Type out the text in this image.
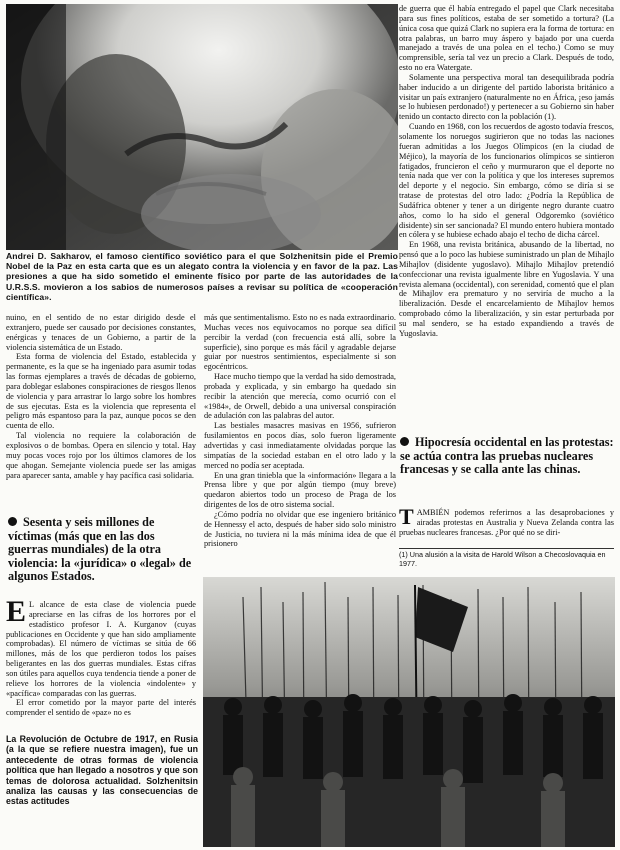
Andrei D. Sakharov, el famoso científico soviético para el que Solzhenitsin pide el Premio Nobel de la Paz en esta carta que es un alegato contra la violencia y en favor de la paz. Las presiones a que ha sido sometido el eminente físico por parte de las autoridades de la U.R.S.S. movieron a los sabios de numerosos países a revisar su política de «cooperación científica».

nuino, en el sentido de no estar dirigido desde el extranjero, puede ser causado por decisiones constantes, enérgicas y tenaces de un Gobierno, a partir de la violencia sistemática de un Estado.

Esta forma de violencia del Estado, establecida y permanente, es la que se ha ingeniado para asumir todas las formas ejemplares a través de décadas de gobierno, para doblegar eslabones conspiraciones de riesgos llenos de violencia y para arrastrar lo largo sobre los hombres de sus ejecutas. Esta es la violencia que representa el peligro más espantoso para la paz, aunque pocos se den cuenta de ello.

Tal violencia no requiere la colaboración de explosivos o de bombas. Opera en silencio y total. Hay muy pocas voces rojo por los últimos clamores de los que ahogan. Semejante violencia puede ser las amigas para aparecer santa, amable y hay pacífica casi solidaria.

Sesenta y seis millones de víctimas (más que en las dos guerras mundiales) de la otra violencia: la «jurídica» o «legal» de algunos Estados.

E L alcance de esta clase de violencia puede apreciarse en las cifras de los horrores por el estadístico profesor I. A. Kurganov (cuyas publicaciones en Occidente y que han sido ampliamente comprobadas). El número de víctimas se sitúa de 66 millones, más de los que perdieron todos los países beligerantes en las dos guerras mundiales. Estas cifras son útiles para aquellos cuya tendencia tiende a poner de relieve los horrores de la violencia «indolente» y «pacífica» comparadas con las guerras.

El error cometido por la mayor parte del interés comprender el sentido de «paz» no es

La Revolución de Octubre de 1917, en Rusia (a la que se refiere nuestra imagen), fue un antecedente de otras formas de violencia política que han llegado a nosotros y que son temas de dolorosa actualidad. Solzhenitsin analiza las causas y las consecuencias de estas actitudes

más que sentimentalismo. Esto no es nada extraordinario. Muchas veces nos equivocamos no porque sea difícil percibir la verdad (con frecuencia está allí, sobre la superficie), sino porque es más fácil y agradable dejarse guiar por nuestros sentimientos, especialmente si son egocéntricos.

Hace mucho tiempo que la verdad ha sido demostrada, probada y explicada, y sin embargo ha quedado sin recibir la atención que merecía, como ocurrió con el «1984», de Orwell, debido a una universal conspiración de adulación con las palabras del autor.

Las bestiales masacres masivas en 1956, sufrieron fusilamientos en pocos días, solo fueron ligeramente advertidas y casi inmediatamente olvidadas porque las simpatías de la sociedad estaban en el otro lado y la merced no podía ser aceptada.

En una gran tiniebla que la «información» llegara a la Prensa libre y que por algún tiempo (muy breve) quedaron abiertos todo un proceso de Praga de los dirigentes de los de otro sistema social.

¿Cómo podría no olvidar que ese ingeniero británico de Hennessy el acto, después de haber sido solo ministro de Justicia, no tuviera ni la más mínima idea de que él prisionero

de guerra que él había entregado el papel que Clark necesitaba para sus fines políticos, estaba de ser sometido a tortura? (La única cosa que quizá Clark no supiera era la forma de tortura: en otra palabras, un barro muy áspero y bajado por una cuerda manejado a través de una polea en el techo.) Como se muy comprensible, sería tal vez un precio a Clark. Después de todo, esto no era Watergate.

Solamente una perspectiva moral tan desequilibrada podría haber inducido a un dirigente del partido laborista británico a visitar un país extranjero (naturalmente no en África, ¡eso jamás se lo hubiesen perdonado!) y pertenecer a su Gobierno sin haber tenido un contacto directo con la población (1).

Cuando en 1968, con los recuerdos de agosto todavía frescos, solamente los noruegos sugirieron que no todas las naciones fueran admitidas a los Juegos Olímpicos (en la ciudad de Méjico), la mayoría de los funcionarios olímpicos se sintieron fatigados, fruncieron el ceño y murmuraron que el deporte no tenía nada que ver con la política y que los intereses supremos del deporte y el negocio. Sin embargo, cómo se diría si se tratase de protestas del otro lado: ¿Podría la República de Sudáfrica obtener y tener a un dirigente negro durante cuatro años, como lo ha sido el general Odgoremko (soviético disidente) sin ser sancionada? El mundo entero hubiera montado en cólera y se hubiese echado abajo el techo de dicha cárcel.

En 1968, una revista británica, abusando de la libertad, no pensó que a lo poco las hubiese suministrado un plan de Mihajlo Mihajlov (disidente yugoslavo). Mihajlo Mihajlov pretendió confeccionar una revista igualmente libre en Yugoslavia. Y una revista alemana (occidental), con serenidad, comentó que el plan de Mihajlov era prematuro y no serviría de mucho a la liberalización. Desde el encarcelamiento de Mihajlov hemos comprobado cómo la liberalización, y sin estar perturbada por su mal sendero, se ha estado expandiendo a través de Yugoslavia.

Hipocresía occidental en las protestas: se actúa contra las pruebas nucleares francesas y se calla ante las chinas.

TAMBIÉN podemos referirnos a las desaprobaciones y airadas protestas en Australia y Nueva Zelanda contra las pruebas nucleares francesas. ¿Por qué no se diri-

(1) Una alusión a la visita de Harold Wilson a Checoslovaquia en 1977.
